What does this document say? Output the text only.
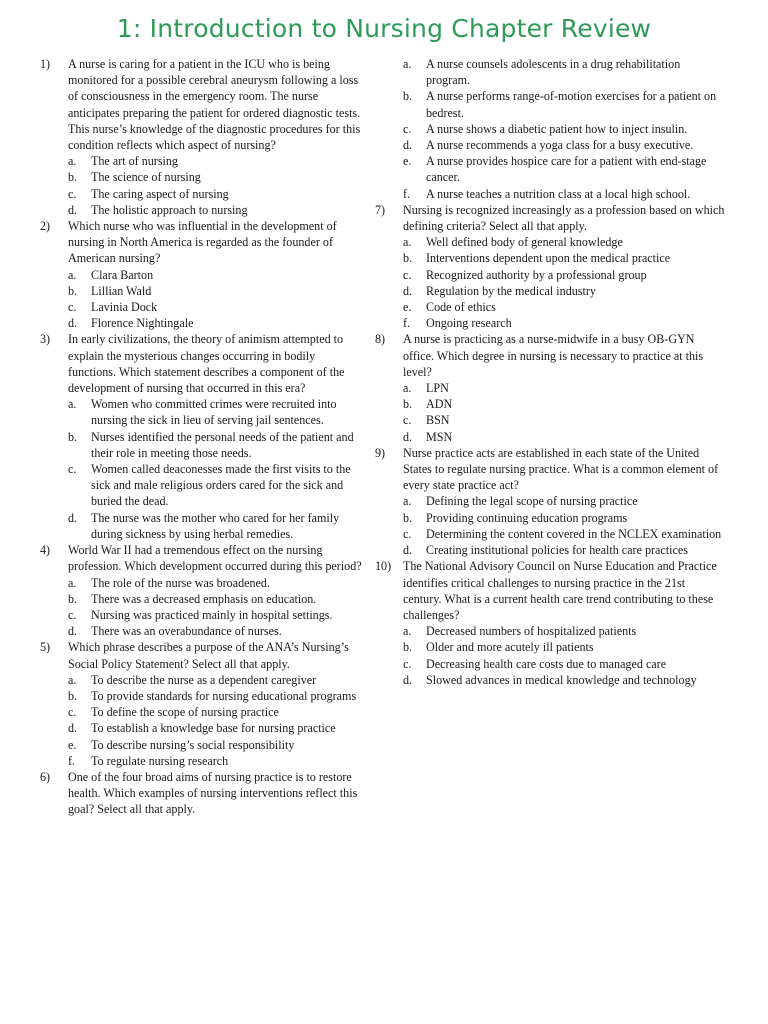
1: Introduction to Nursing Chapter Review
1) A nurse is caring for a patient in the ICU who is being monitored for a possible cerebral aneurysm following a loss of consciousness in the emergency room. The nurse anticipates preparing the patient for ordered diagnostic tests. This nurse’s knowledge of the diagnostic procedures for this condition reflects which aspect of nursing?
a. The art of nursing
b. The science of nursing
c. The caring aspect of nursing
d. The holistic approach to nursing
2) Which nurse who was influential in the development of nursing in North America is regarded as the founder of American nursing?
a. Clara Barton
b. Lillian Wald
c. Lavinia Dock
d. Florence Nightingale
3) In early civilizations, the theory of animism attempted to explain the mysterious changes occurring in bodily functions. Which statement describes a component of the development of nursing that occurred in this era?
a. Women who committed crimes were recruited into nursing the sick in lieu of serving jail sentences.
b. Nurses identified the personal needs of the patient and their role in meeting those needs.
c. Women called deaconesses made the first visits to the sick and male religious orders cared for the sick and buried the dead.
d. The nurse was the mother who cared for her family during sickness by using herbal remedies.
4) World War II had a tremendous effect on the nursing profession. Which development occurred during this period?
a. The role of the nurse was broadened.
b. There was a decreased emphasis on education.
c. Nursing was practiced mainly in hospital settings.
d. There was an overabundance of nurses.
5) Which phrase describes a purpose of the ANA’s Nursing’s Social Policy Statement? Select all that apply.
a. To describe the nurse as a dependent caregiver
b. To provide standards for nursing educational programs
c. To define the scope of nursing practice
d. To establish a knowledge base for nursing practice
e. To describe nursing’s social responsibility
f. To regulate nursing research
6) One of the four broad aims of nursing practice is to restore health. Which examples of nursing interventions reflect this goal? Select all that apply.
a. A nurse counsels adolescents in a drug rehabilitation program.
b. A nurse performs range-of-motion exercises for a patient on bedrest.
c. A nurse shows a diabetic patient how to inject insulin.
d. A nurse recommends a yoga class for a busy executive.
e. A nurse provides hospice care for a patient with end-stage cancer.
f. A nurse teaches a nutrition class at a local high school.
7) Nursing is recognized increasingly as a profession based on which defining criteria? Select all that apply.
a. Well defined body of general knowledge
b. Interventions dependent upon the medical practice
c. Recognized authority by a professional group
d. Regulation by the medical industry
e. Code of ethics
f. Ongoing research
8) A nurse is practicing as a nurse-midwife in a busy OB-GYN office. Which degree in nursing is necessary to practice at this level?
a. LPN
b. ADN
c. BSN
d. MSN
9) Nurse practice acts are established in each state of the United States to regulate nursing practice. What is a common element of every state practice act?
a. Defining the legal scope of nursing practice
b. Providing continuing education programs
c. Determining the content covered in the NCLEX examination
d. Creating institutional policies for health care practices
10) The National Advisory Council on Nurse Education and Practice identifies critical challenges to nursing practice in the 21st century. What is a current health care trend contributing to these challenges?
a. Decreased numbers of hospitalized patients
b. Older and more acutely ill patients
c. Decreasing health care costs due to managed care
d. Slowed advances in medical knowledge and technology
